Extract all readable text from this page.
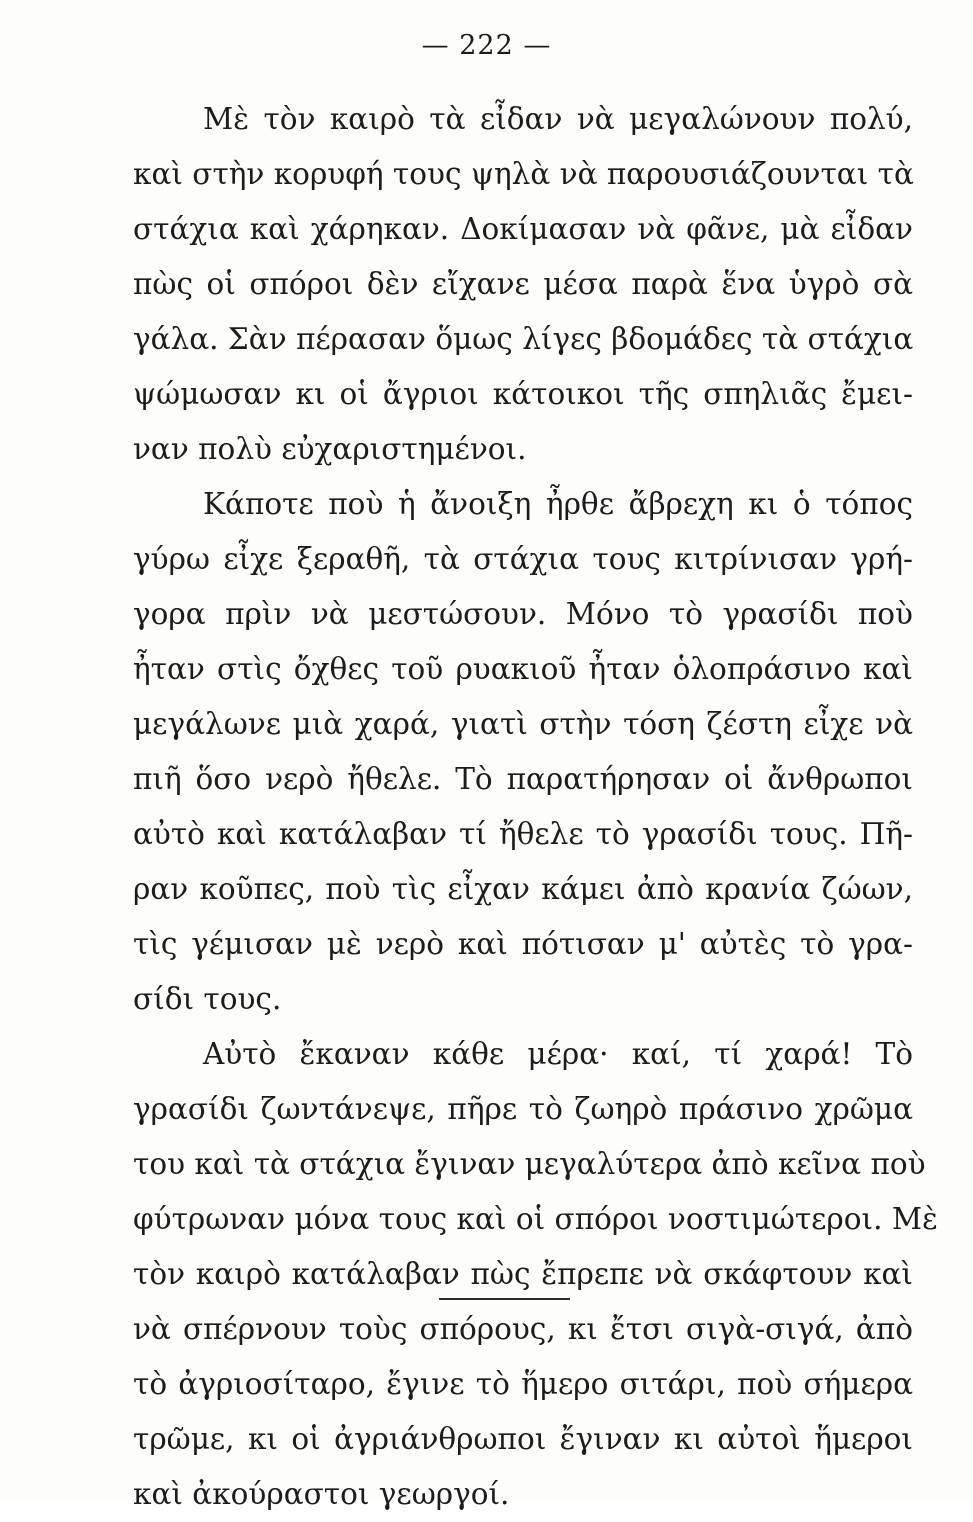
— 222 —
Μὲ τὸν καιρὸ τὰ εἶδαν νὰ μεγαλώνουν πολύ,
καὶ στὴν κορυφή τους ψηλὰ νὰ παρουσιάζουνται τὰ
στάχια καὶ χάρηκαν. Δοκίμασαν νὰ φᾶνε, μὰ εἶδαν
πὼς οἱ σπόροι δὲν εἴχανε μέσα παρὰ ἕνα ὑγρὸ σὰ
γάλα. Σὰν πέρασαν ὅμως λίγες βδομάδες τὰ στάχια
ψώμωσαν κι οἱ ἄγριοι κάτοικοι τῆς σπηλιᾶς ἔμει-
ναν πολὺ εὐχαριστημένοι.
Κάποτε ποὺ ἡ ἄνοιξη ἦρθε ἄβρεχη κι ὁ τόπος
γύρω εἶχε ξεραθῆ, τὰ στάχια τους κιτρίνισαν γρή-
γορα πρὶν νὰ μεστώσουν. Μόνο τὸ γρασίδι ποὺ
ἦταν στὶς ὄχθες τοῦ ρυακιοῦ ἦταν ὁλοπράσινο καὶ
μεγάλωνε μιὰ χαρά, γιατὶ στὴν τόση ζέστη εἶχε νὰ
πιῆ ὅσο νερὸ ἤθελε. Τὸ παρατήρησαν οἱ ἄνθρωποι
αὐτὸ καὶ κατάλαβαν τί ἤθελε τὸ γρασίδι τους. Πῆ-
ραν κοῦπες, ποὺ τὶς εἶχαν κάμει ἀπὸ κρανία ζώων,
τὶς γέμισαν μὲ νερὸ καὶ πότισαν μ' αὐτὲς τὸ γρα-
σίδι τους.
Αὐτὸ ἔκαναν κάθε μέρα· καί, τί χαρά! Τὸ
γρασίδι ζωντάνεψε, πῆρε τὸ ζωηρὸ πράσινο χρῶμα
του καὶ τὰ στάχια ἔγιναν μεγαλύτερα ἀπὸ κεῖνα ποὺ
φύτρωναν μόνα τους καὶ οἱ σπόροι νοστιμώτεροι. Μὲ
τὸν καιρὸ κατάλαβαν πὼς ἔπρεπε νὰ σκάφτουν καὶ
νὰ σπέρνουν τοὺς σπόρους, κι ἔτσι σιγὰ-σιγά, ἀπὸ
τὸ ἀγριοσίταρο, ἔγινε τὸ ἥμερο σιτάρι, ποὺ σήμερα
τρῶμε, κι οἱ ἀγριάνθρωποι ἔγιναν κι αὐτοὶ ἥμεροι
καὶ ἀκούραστοι γεωργοί.
